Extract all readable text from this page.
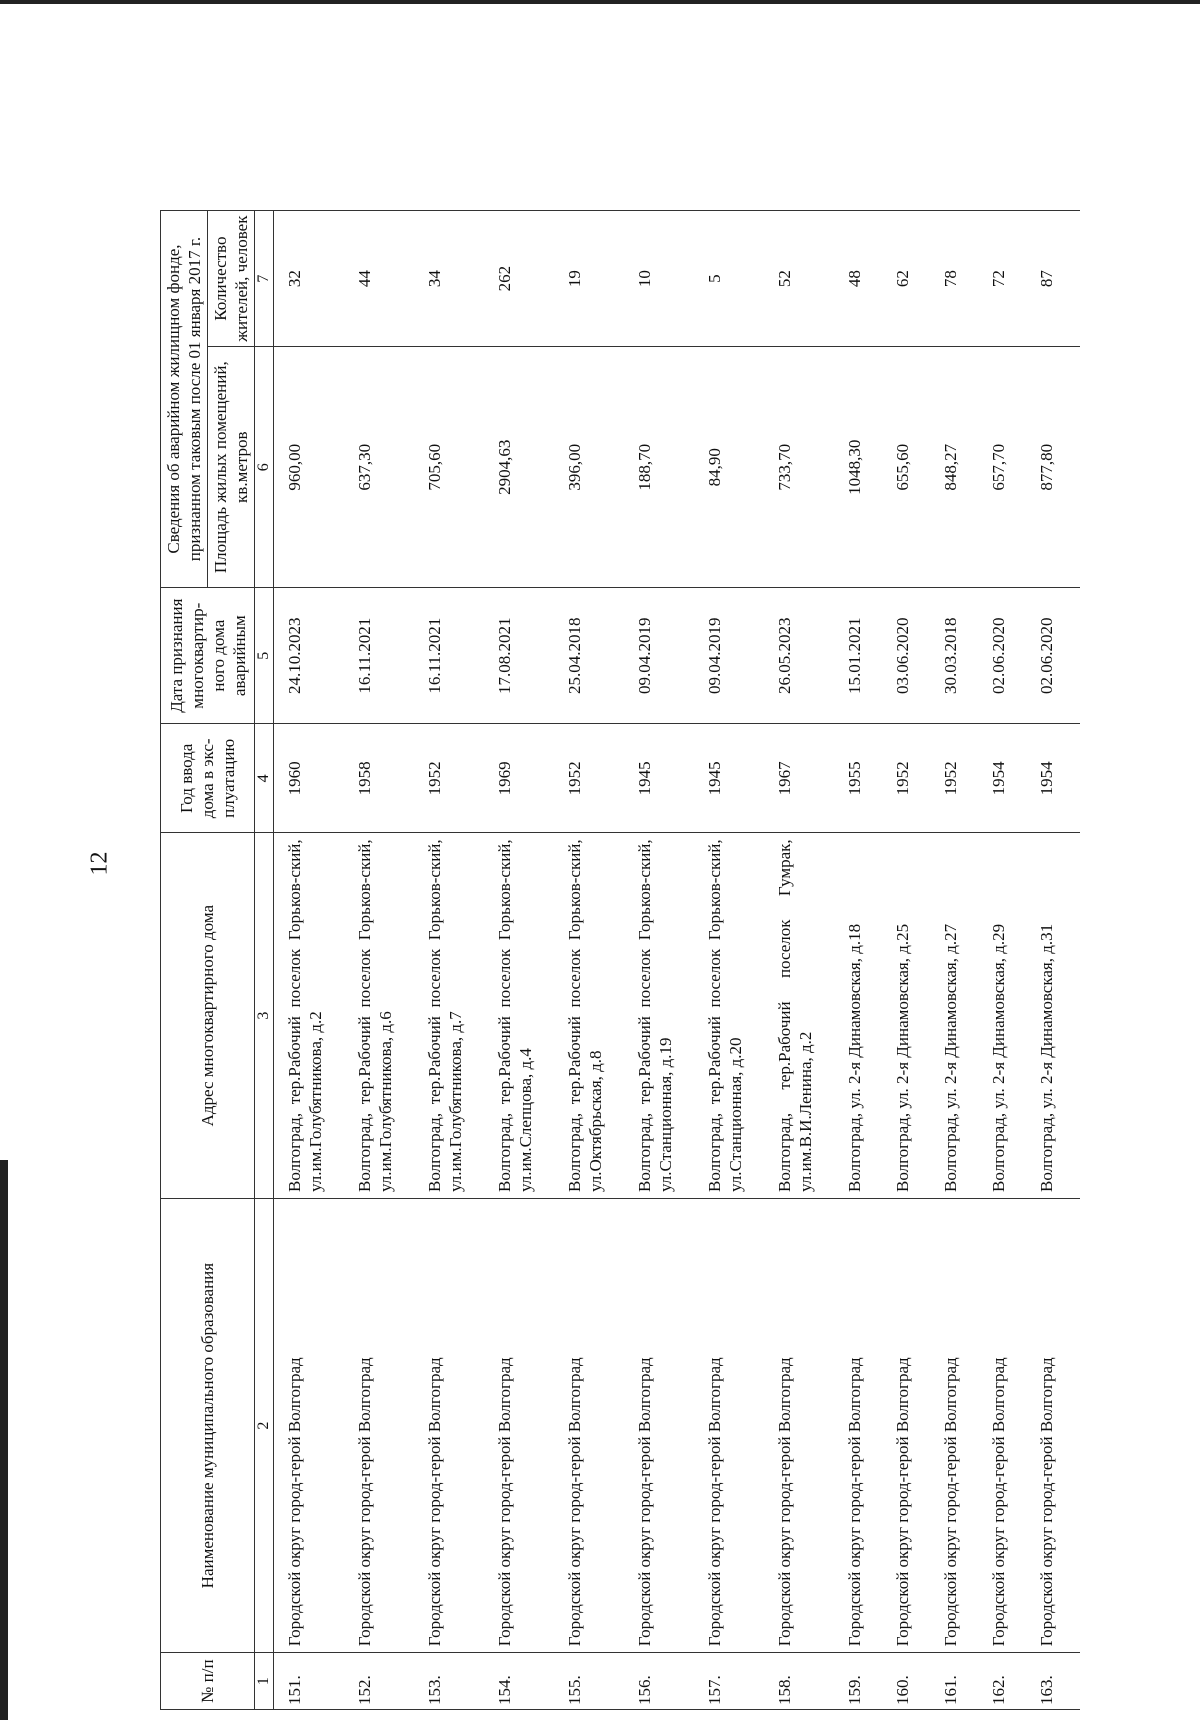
12
№ п/п	Наименование муниципального образования	Адрес многоквартирного дома	Год ввода дома в экс-плуатацию	Дата признания многоквартир-ного дома аварийным	Сведения об аварийном жилищном фонде, признанном таковым после 01 января 2017 г.	
					Площадь жилых помещений, кв.метров	Количество жителей, человек
1	2	3	4	5	6	7
151.	Городской округ город-герой Волгоград	Волгоград, тер.Рабочий поселок Горьков-ский, ул.им.Голубятникова, д.2	1960	24.10.2023	960,00	32
152.	Городской округ город-герой Волгоград	Волгоград, тер.Рабочий поселок Горьков-ский, ул.им.Голубятникова, д.6	1958	16.11.2021	637,30	44
153.	Городской округ город-герой Волгоград	Волгоград, тер.Рабочий поселок Горьков-ский, ул.им.Голубятникова, д.7	1952	16.11.2021	705,60	34
154.	Городской округ город-герой Волгоград	Волгоград, тер.Рабочий поселок Горьков-ский, ул.им.Слепцова, д.4	1969	17.08.2021	2904,63	262
155.	Городской округ город-герой Волгоград	Волгоград, тер.Рабочий поселок Горьков-ский, ул.Октябрьская, д.8	1952	25.04.2018	396,00	19
156.	Городской округ город-герой Волгоград	Волгоград, тер.Рабочий поселок Горьков-ский, ул.Станционная, д.19	1945	09.04.2019	188,70	10
157.	Городской округ город-герой Волгоград	Волгоград, тер.Рабочий поселок Горьков-ский, ул.Станционная, д.20	1945	09.04.2019	84,90	5
158.	Городской округ город-герой Волгоград	Волгоград, тер.Рабочий поселок Гумрак, ул.им.В.И.Ленина, д.2	1967	26.05.2023	733,70	52
159.	Городской округ город-герой Волгоград	Волгоград, ул. 2-я Динамовская, д.18	1955	15.01.2021	1048,30	48
160.	Городской округ город-герой Волгоград	Волгоград, ул. 2-я Динамовская, д.25	1952	03.06.2020	655,60	62
161.	Городской округ город-герой Волгоград	Волгоград, ул. 2-я Динамовская, д.27	1952	30.03.2018	848,27	78
162.	Городской округ город-герой Волгоград	Волгоград, ул. 2-я Динамовская, д.29	1954	02.06.2020	657,70	72
163.	Городской округ город-герой Волгоград	Волгоград, ул. 2-я Динамовская, д.31	1954	02.06.2020	877,80	87
